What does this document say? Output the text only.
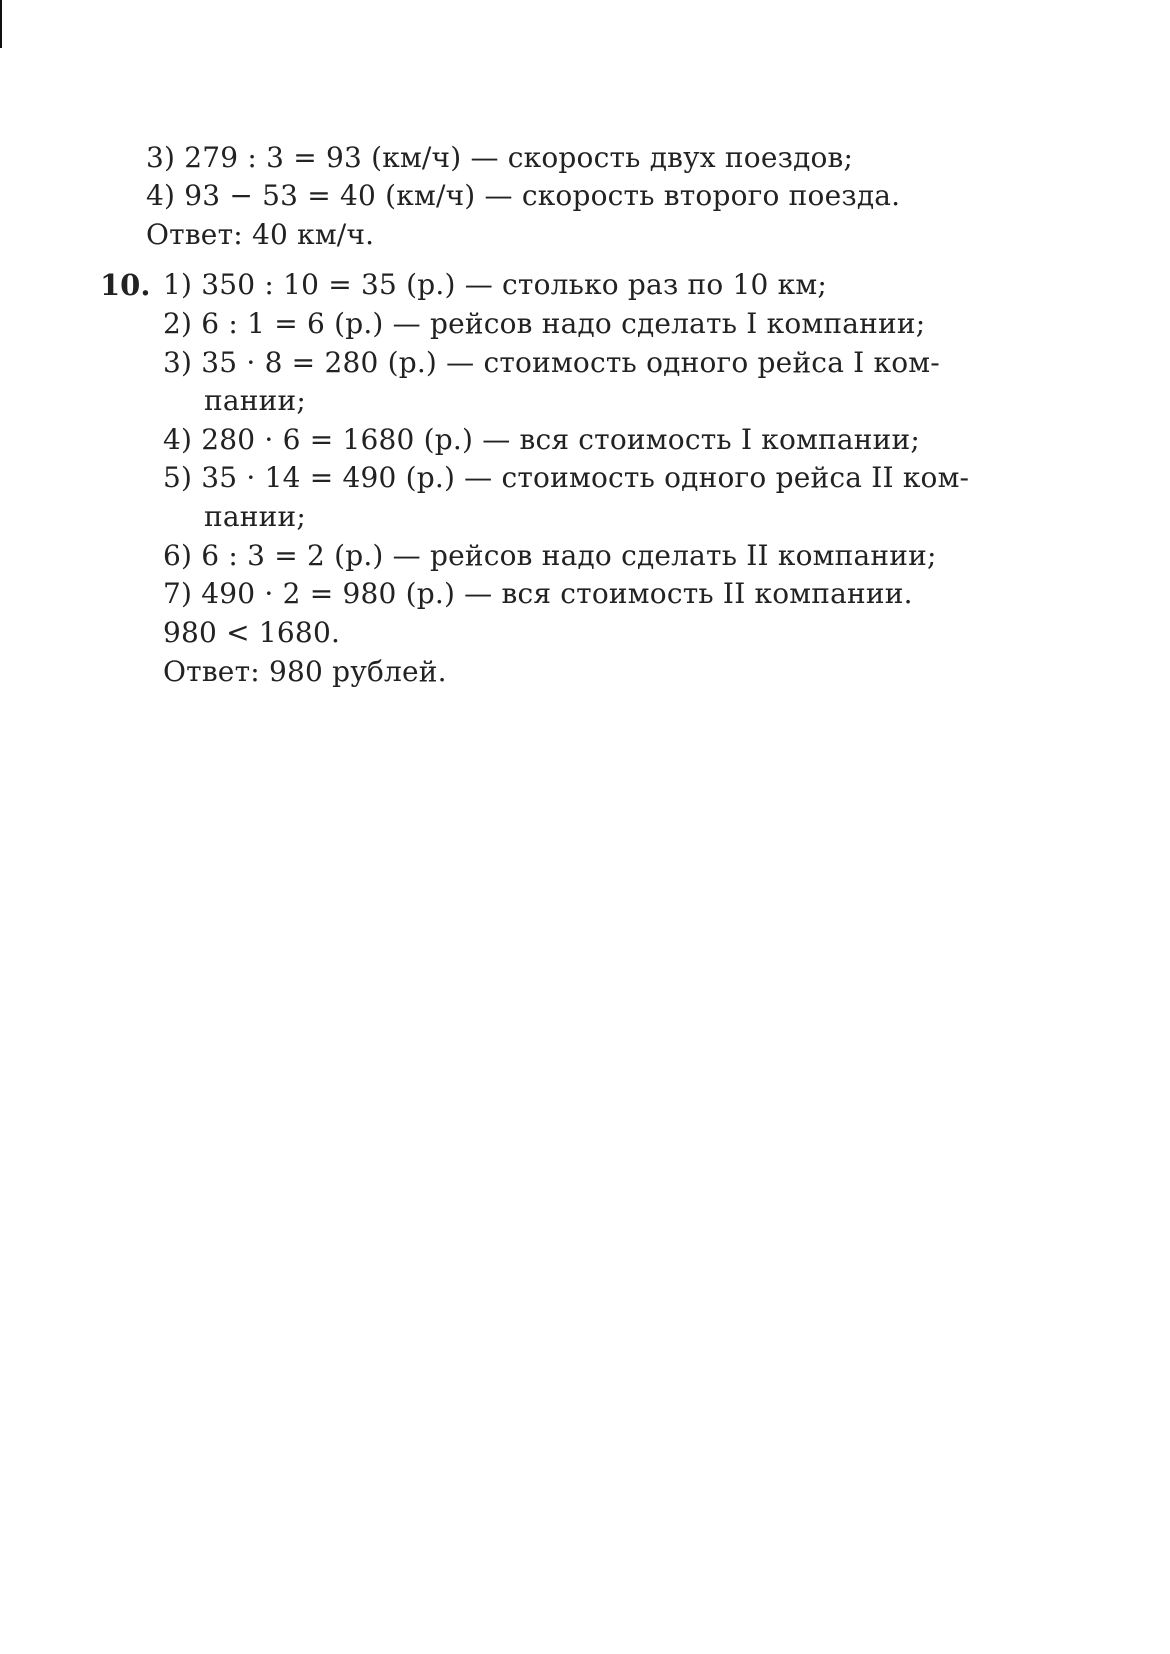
3) 279 : 3 = 93 (км/ч) — скорость двух поездов;
4) 93 − 53 = 40 (км/ч) — скорость второго поезда.
Ответ: 40 км/ч.
10. 1) 350 : 10 = 35 (р.) — столько раз по 10 км;
2) 6 : 1 = 6 (р.) — рейсов надо сделать I компании;
3) 35 · 8 = 280 (р.) — стоимость одного рейса I ком-
пании;
4) 280 · 6 = 1680 (р.) — вся стоимость I компании;
5) 35 · 14 = 490 (р.) — стоимость одного рейса II ком-
пании;
6) 6 : 3 = 2 (р.) — рейсов надо сделать II компании;
7) 490 · 2 = 980 (р.) — вся стоимость II компании.
980 < 1680.
Ответ: 980 рублей.
